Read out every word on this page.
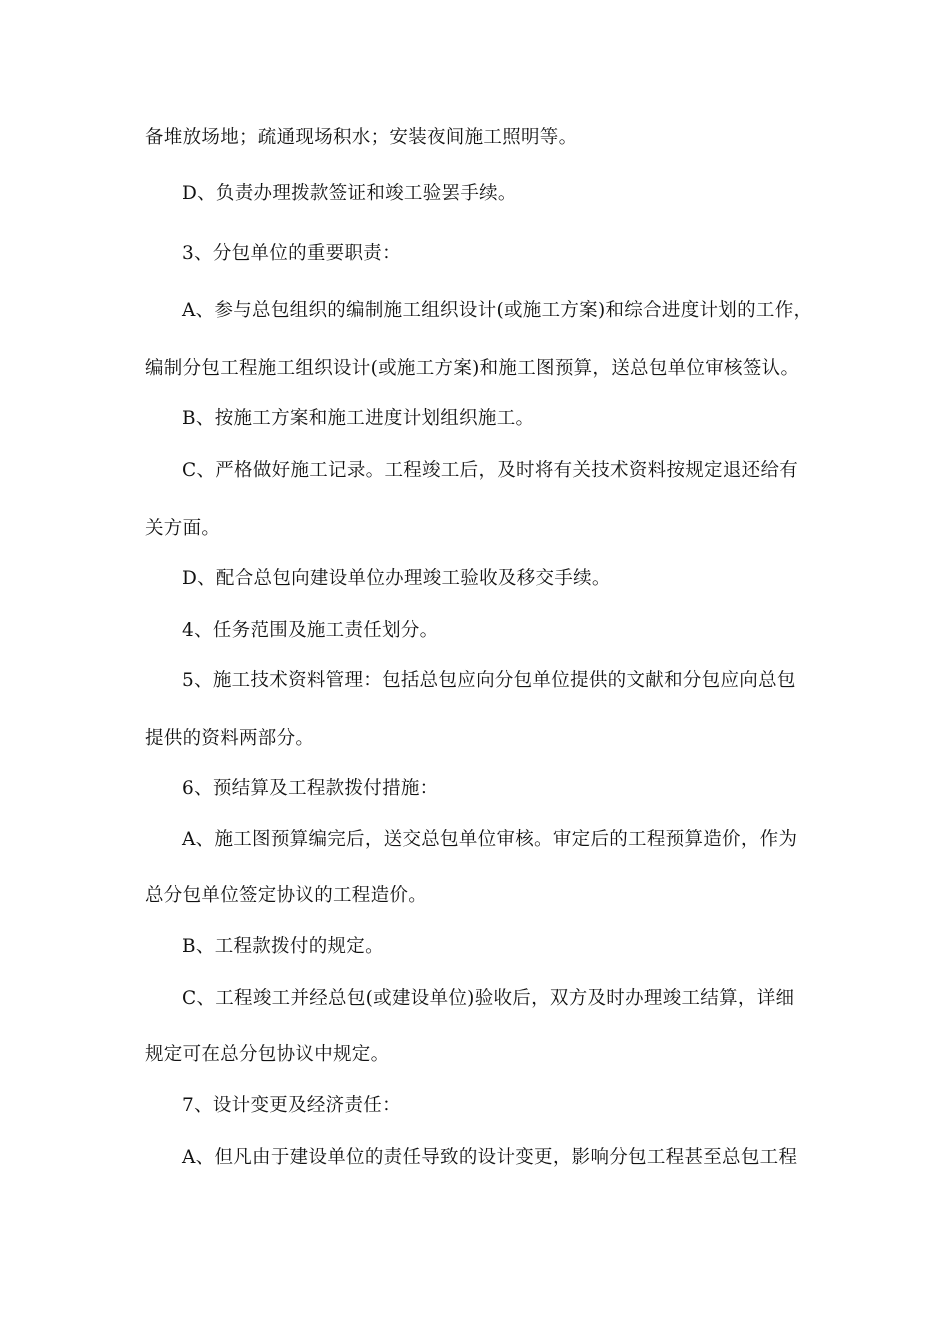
备堆放场地；疏通现场积水；安装夜间施工照明等。
D、负责办理拨款签证和竣工验罢手续。
3、分包单位的重要职责：
A、参与总包组织的编制施工组织设计(或施工方案)和综合进度计划的工作，
编制分包工程施工组织设计(或施工方案)和施工图预算，送总包单位审核签认。
B、按施工方案和施工进度计划组织施工。
C、严格做好施工记录。工程竣工后，及时将有关技术资料按规定退还给有
关方面。
D、配合总包向建设单位办理竣工验收及移交手续。
4、任务范围及施工责任划分。
5、施工技术资料管理：包括总包应向分包单位提供的文献和分包应向总包
提供的资料两部分。
6、预结算及工程款拨付措施：
A、施工图预算编完后，送交总包单位审核。审定后的工程预算造价，作为
总分包单位签定协议的工程造价。
B、工程款拨付的规定。
C、工程竣工并经总包(或建设单位)验收后，双方及时办理竣工结算，详细
规定可在总分包协议中规定。
7、设计变更及经济责任：
A、但凡由于建设单位的责任导致的设计变更，影响分包工程甚至总包工程
